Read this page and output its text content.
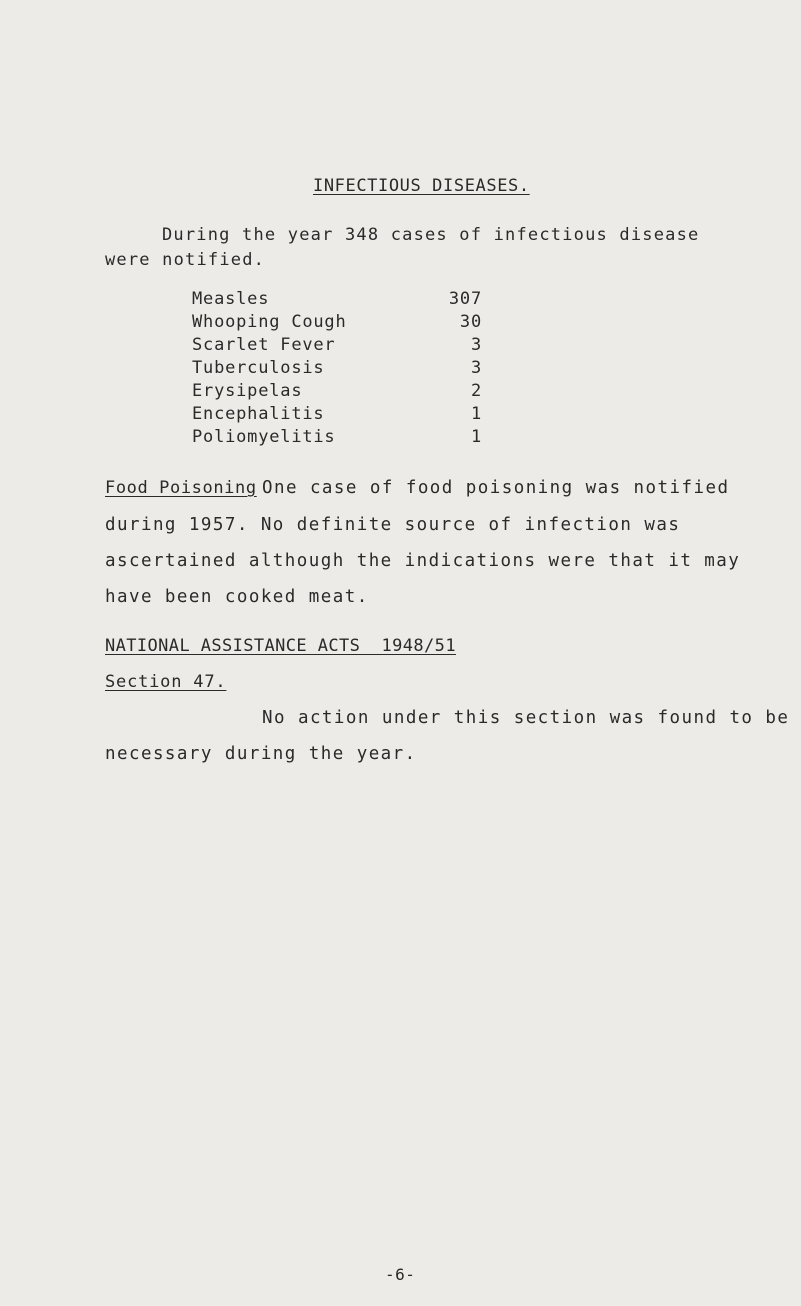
INFECTIOUS DISEASES.
During the year 348 cases of infectious disease
were notified.
Measles	307
Whooping Cough	30
Scarlet Fever	3
Tuberculosis	3
Erysipelas	2
Encephalitis	1
Poliomyelitis	1
Food Poisoning One case of food poisoning was notified
during 1957. No definite source of infection was
ascertained although the indications were that it may
have been cooked meat.
NATIONAL ASSISTANCE ACTS  1948/51
Section 47.
No action under this section was found to be
necessary during the year.
-6-
